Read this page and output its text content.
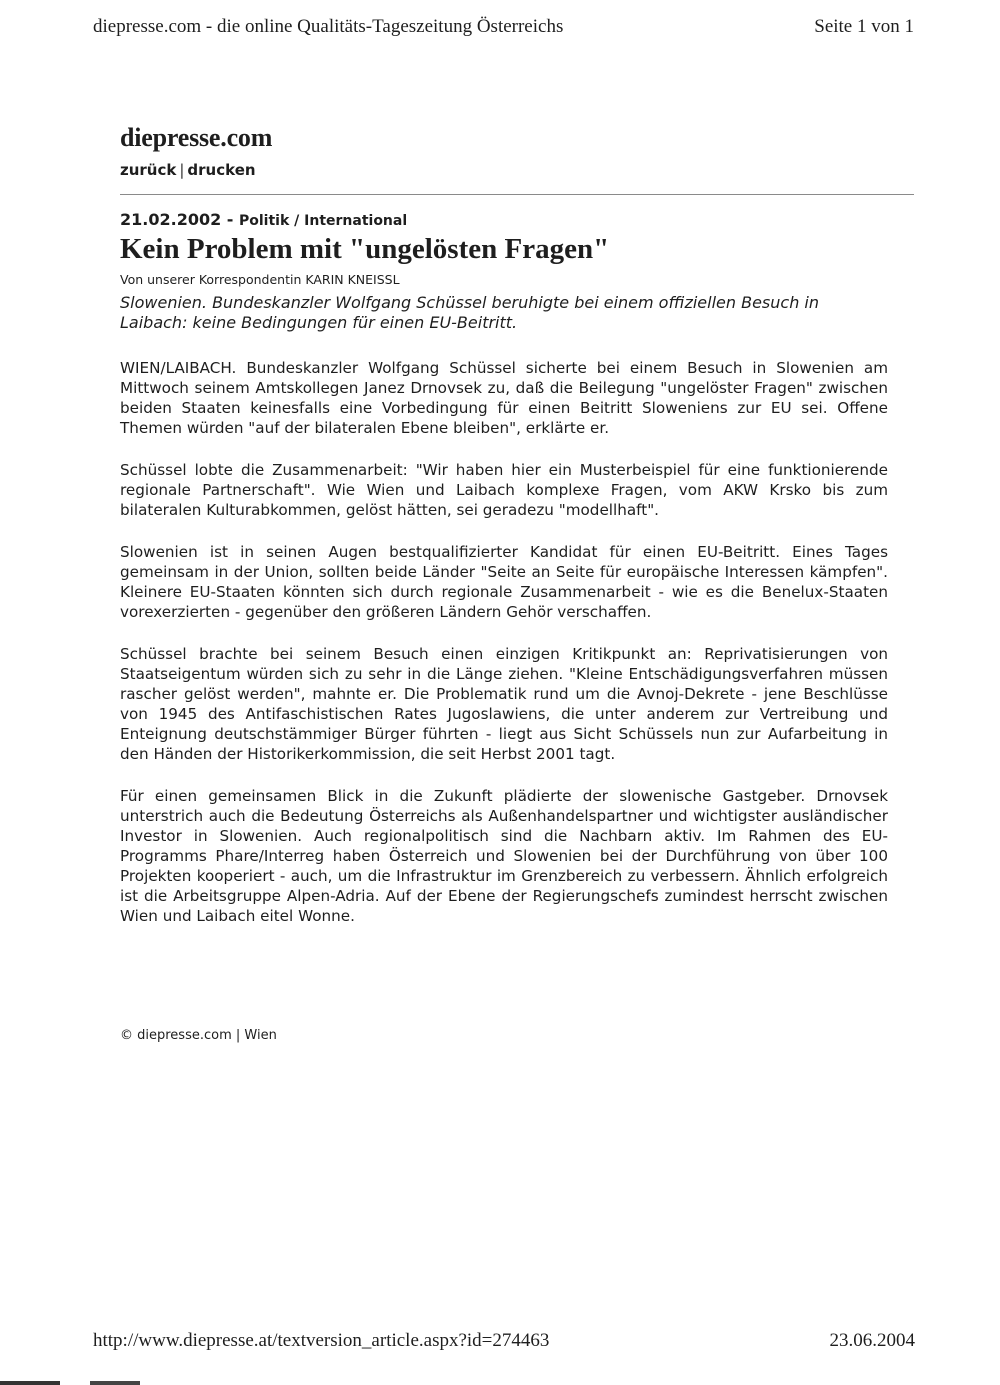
diepresse.com - die online Qualitäts-Tageszeitung Österreichs	Seite 1 von 1
diepresse.com
zurück | drucken
21.02.2002 - Politik / International
Kein Problem mit "ungelösten Fragen"
Von unserer Korrespondentin KARIN KNEISSL

Slowenien. Bundeskanzler Wolfgang Schüssel beruhigte bei einem offiziellen Besuch in Laibach: keine Bedingungen für einen EU-Beitritt.

WIEN/LAIBACH. Bundeskanzler Wolfgang Schüssel sicherte bei einem Besuch in Slowenien am Mittwoch seinem Amtskollegen Janez Drnovsek zu, daß die Beilegung "ungelöster Fragen" zwischen beiden Staaten keinesfalls eine Vorbedingung für einen Beitritt Sloweniens zur EU sei. Offene Themen würden "auf der bilateralen Ebene bleiben", erklärte er.

Schüssel lobte die Zusammenarbeit: "Wir haben hier ein Musterbeispiel für eine funktionierende regionale Partnerschaft". Wie Wien und Laibach komplexe Fragen, vom AKW Krsko bis zum bilateralen Kulturabkommen, gelöst hätten, sei geradezu "modellhaft".

Slowenien ist in seinen Augen bestqualifizierter Kandidat für einen EU-Beitritt. Eines Tages gemeinsam in der Union, sollten beide Länder "Seite an Seite für europäische Interessen kämpfen". Kleinere EU-Staaten könnten sich durch regionale Zusammenarbeit - wie es die Benelux-Staaten vorexerzierten - gegenüber den größeren Ländern Gehör verschaffen.

Schüssel brachte bei seinem Besuch einen einzigen Kritikpunkt an: Reprivatisierungen von Staatseigentum würden sich zu sehr in die Länge ziehen. "Kleine Entschädigungsverfahren müssen rascher gelöst werden", mahnte er. Die Problematik rund um die Avnoj-Dekrete - jene Beschlüsse von 1945 des Antifaschistischen Rates Jugoslawiens, die unter anderem zur Vertreibung und Enteignung deutschstämmiger Bürger führten - liegt aus Sicht Schüssels nun zur Aufarbeitung in den Händen der Historikerkommission, die seit Herbst 2001 tagt.

Für einen gemeinsamen Blick in die Zukunft plädierte der slowenische Gastgeber. Drnovsek unterstrich auch die Bedeutung Österreichs als Außenhandelspartner und wichtigster ausländischer Investor in Slowenien. Auch regionalpolitisch sind die Nachbarn aktiv. Im Rahmen des EU-Programms Phare/Interreg haben Österreich und Slowenien bei der Durchführung von über 100 Projekten kooperiert - auch, um die Infrastruktur im Grenzbereich zu verbessern. Ähnlich erfolgreich ist die Arbeitsgruppe Alpen-Adria. Auf der Ebene der Regierungschefs zumindest herrscht zwischen Wien und Laibach eitel Wonne.

© diepresse.com | Wien
http://www.diepresse.at/textversion_article.aspx?id=274463	23.06.2004
